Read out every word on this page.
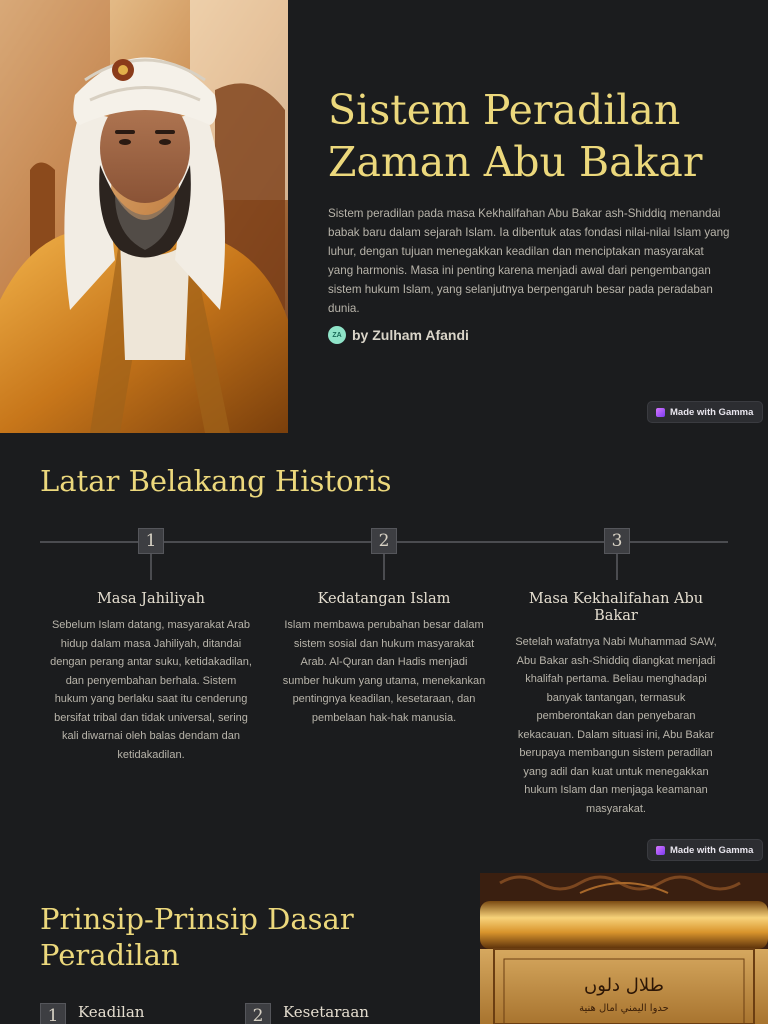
Sistem Peradilan
Zaman Abu Bakar

Sistem peradilan pada masa Kekhalifahan Abu Bakar ash-Shiddiq menandai babak baru dalam sejarah Islam. Ia dibentuk atas fondasi nilai-nilai Islam yang luhur, dengan tujuan menegakkan keadilan dan menciptakan masyarakat yang harmonis. Masa ini penting karena menjadi awal dari pengembangan sistem hukum Islam, yang selanjutnya berpengaruh besar pada peradaban dunia.

ZA by Zulham Afandi
Made with Gamma
Latar Belakang Historis
1
Masa Jahiliyah
Sebelum Islam datang, masyarakat Arab hidup dalam masa Jahiliyah, ditandai dengan perang antar suku, ketidakadilan, dan penyembahan berhala. Sistem hukum yang berlaku saat itu cenderung bersifat tribal dan tidak universal, sering kali diwarnai oleh balas dendam dan ketidakadilan.
2
Kedatangan Islam
Islam membawa perubahan besar dalam sistem sosial dan hukum masyarakat Arab. Al-Quran dan Hadis menjadi sumber hukum yang utama, menekankan pentingnya keadilan, kesetaraan, dan pembelaan hak-hak manusia.
3
Masa Kekhalifahan Abu Bakar
Setelah wafatnya Nabi Muhammad SAW, Abu Bakar ash-Shiddiq diangkat menjadi khalifah pertama. Beliau menghadapi banyak tantangan, termasuk pemberontakan dan penyebaran kekacauan. Dalam situasi ini, Abu Bakar berupaya membangun sistem peradilan yang adil dan kuat untuk menegakkan hukum Islam dan menjaga keamanan masyarakat.
Made with Gamma
Prinsip-Prinsip Dasar
Peradilan
1	Keadilan	2	Kesetaraan
طلال دلوں
حدوا اليمني امال هنية
